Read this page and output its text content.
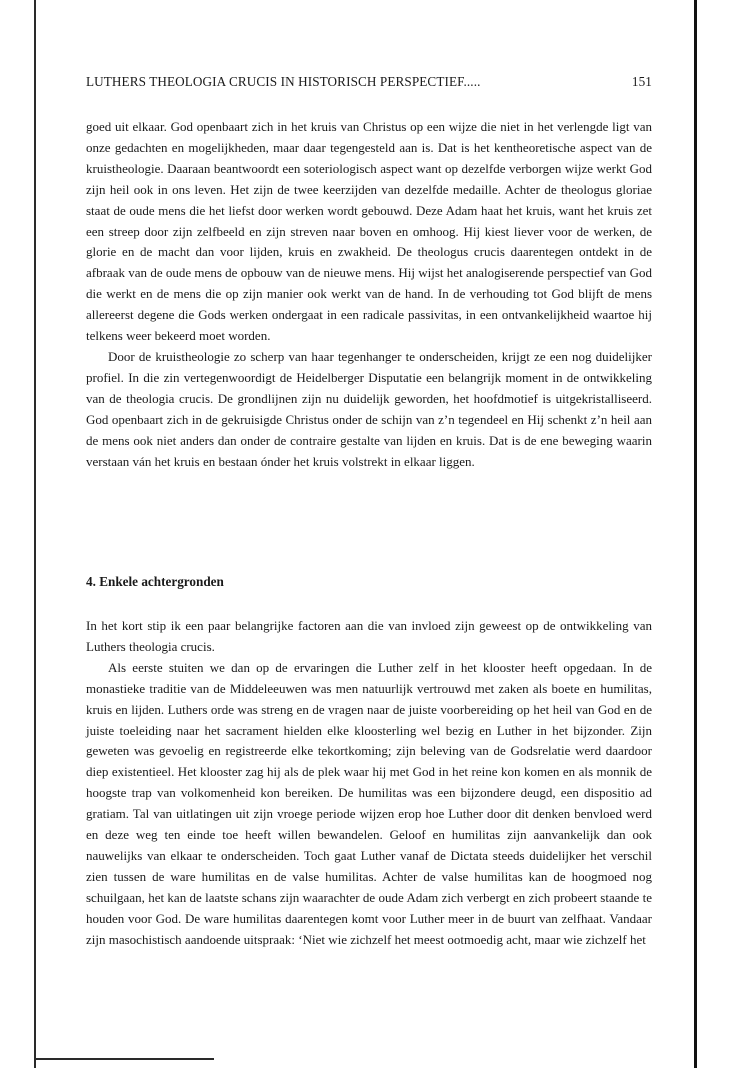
LUTHERS THEOLOGIA CRUCIS IN HISTORISCH PERSPECTIEF.....	151

goed uit elkaar. God openbaart zich in het kruis van Christus op een wijze die niet in het verlengde ligt van onze gedachten en mogelijkheden, maar daar tegengesteld aan is. Dat is het kentheoretische aspect van de kruistheologie. Daaraan beantwoordt een soteriologisch aspect want op dezelfde verborgen wijze werkt God zijn heil ook in ons leven. Het zijn de twee keerzijden van dezelfde medaille. Achter de theologus gloriae staat de oude mens die het liefst door werken wordt gebouwd. Deze Adam haat het kruis, want het kruis zet een streep door zijn zelfbeeld en zijn streven naar boven en omhoog. Hij kiest liever voor de werken, de glorie en de macht dan voor lijden, kruis en zwakheid. De theologus crucis daarentegen ontdekt in de afbraak van de oude mens de opbouw van de nieuwe mens. Hij wijst het analogiserende perspectief van God die werkt en de mens die op zijn manier ook werkt van de hand. In de verhouding tot God blijft de mens allereerst degene die Gods werken ondergaat in een radicale passivitas, in een ontvankelijkheid waartoe hij telkens weer bekeerd moet worden.

Door de kruistheologie zo scherp van haar tegenhanger te onderscheiden, krijgt ze een nog duidelijker profiel. In die zin vertegenwoordigt de Heidelberger Disputatie een belangrijk moment in de ontwikkeling van de theologia crucis. De grondlijnen zijn nu duidelijk geworden, het hoofdmotief is uitgekristalliseerd. God openbaart zich in de gekruisigde Christus onder de schijn van z’n tegendeel en Hij schenkt z’n heil aan de mens ook niet anders dan onder de contraire gestalte van lijden en kruis. Dat is de ene beweging waarin verstaan ván het kruis en bestaan ónder het kruis volstrekt in elkaar liggen.

4. Enkele achtergronden

In het kort stip ik een paar belangrijke factoren aan die van invloed zijn geweest op de ontwikkeling van Luthers theologia crucis.

Als eerste stuiten we dan op de ervaringen die Luther zelf in het klooster heeft opgedaan. In de monastieke traditie van de Middeleeuwen was men natuurlijk vertrouwd met zaken als boete en humilitas, kruis en lijden. Luthers orde was streng en de vragen naar de juiste voorbereiding op het heil van God en de juiste toeleiding naar het sacrament hielden elke kloosterling wel bezig en Luther in het bijzonder. Zijn geweten was gevoelig en registreerde elke tekortkoming; zijn beleving van de Godsrelatie werd daardoor diep existentieel. Het klooster zag hij als de plek waar hij met God in het reine kon komen en als monnik de hoogste trap van volkomenheid kon bereiken. De humilitas was een bijzondere deugd, een dispositio ad gratiam. Tal van uitlatingen uit zijn vroege periode wijzen erop hoe Luther door dit denken benvloed werd en deze weg ten einde toe heeft willen bewandelen. Geloof en humilitas zijn aanvankelijk dan ook nauwelijks van elkaar te onderscheiden. Toch gaat Luther vanaf de Dictata steeds duidelijker het verschil zien tussen de ware humilitas en de valse humilitas. Achter de valse humilitas kan de hoogmoed nog schuilgaan, het kan de laatste schans zijn waarachter de oude Adam zich verbergt en zich probeert staande te houden voor God. De ware humilitas daarentegen komt voor Luther meer in de buurt van zelfhaat. Vandaar zijn masochistisch aandoende uitspraak: ‘Niet wie zichzelf het meest ootmoedig acht, maar wie zichzelf het
